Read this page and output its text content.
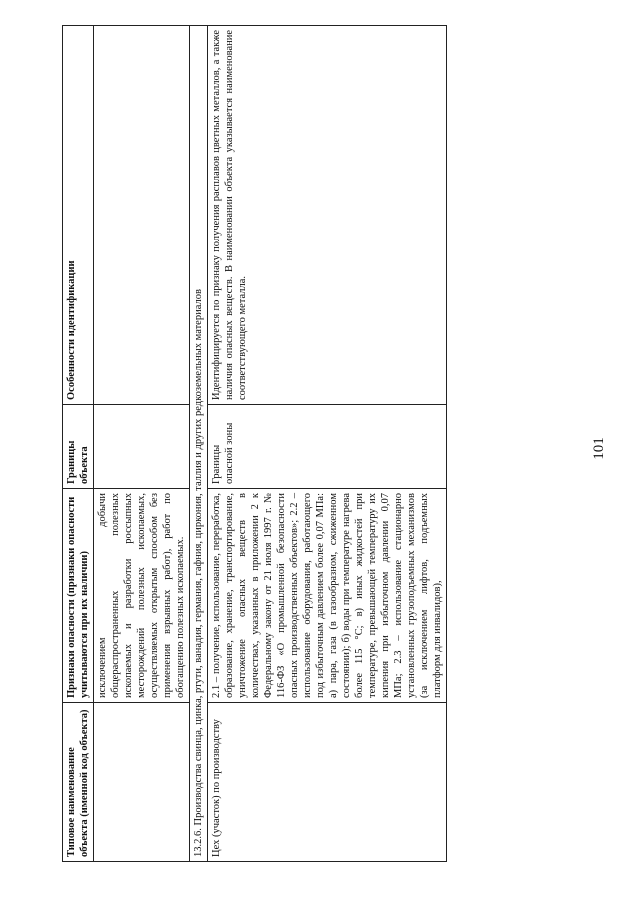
101
Типовое наименование объекта (именной код объекта)	Признаки опасности (признаки опасности учитываются при их наличии)	Границы объекта	Особенности идентификации
	исключением добычи общераспространенных полезных ископаемых и разработки россыпных месторождений полезных ископаемых, осуществляемых открытым способом без применения взрывных работ), работ по обогащению полезных ископаемых.		
13.2.6. Производства свинца, цинка, ртути, ванадия, германия, гафния, циркония, таллия и других редкоземельных материалов			
Цех (участок) по производству	2.1 – получение, использование, переработка, образование, хранение, транспортирование, уничтожение опасных веществ в количествах, указанных в приложении 2 к Федеральному закону от 21 июля 1997 г. № 116-ФЗ «О промышленной безопасности опасных производственных объектов»; 2.2 – использование оборудования, работающего под избыточным давлением более 0,07 МПа: а) пара, газа (в газообразном, сжиженном состоянии); б) воды при температуре нагрева более 115 °С; в) иных жидкостей при температуре, превышающей температуру их кипения при избыточном давлении 0,07 МПа; 2.3 – использование стационарно установленных грузоподъемных механизмов (за исключением лифтов, подъемных платформ для инвалидов),	Границы опасной зоны	Идентифицируется по признаку получения расплавов цветных металлов, а также наличия опасных веществ. В наименовании объекта указывается наименование соответствующего металла.
